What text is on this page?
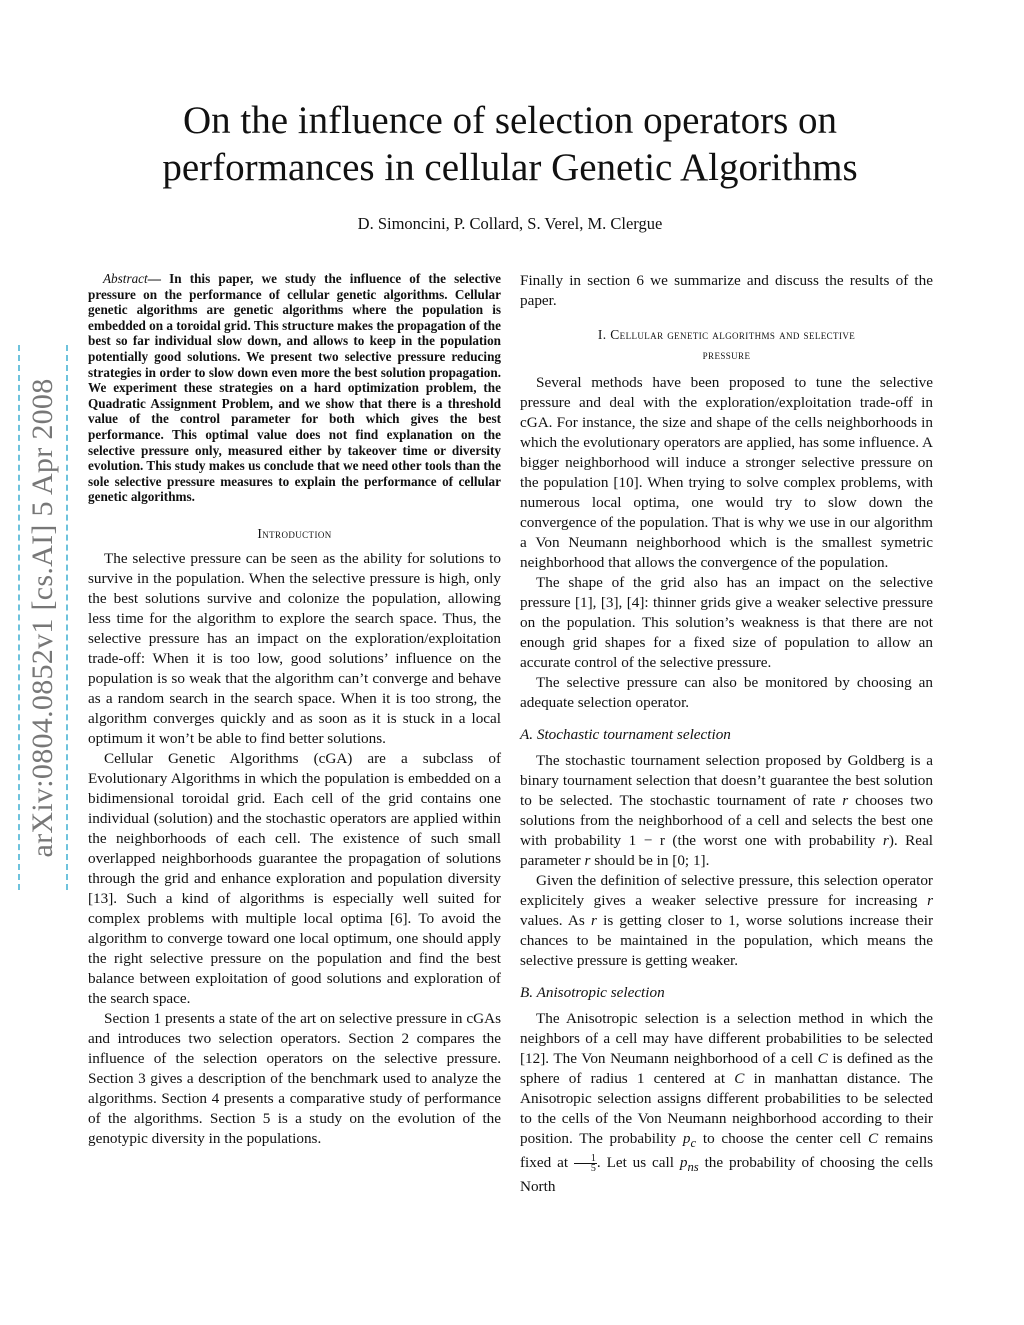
arXiv:0804.0852v1 [cs.AI] 5 Apr 2008
On the influence of selection operators on
performances in cellular Genetic Algorithms
D. Simoncini, P. Collard, S. Verel, M. Clergue

Abstract— In this paper, we study the influence of the selective pressure on the performance of cellular genetic algorithms. Cellular genetic algorithms are genetic algorithms where the population is embedded on a toroidal grid. This structure makes the propagation of the best so far individual slow down, and allows to keep in the population potentially good solutions. We present two selective pressure reducing strategies in order to slow down even more the best solution propagation. We experiment these strategies on a hard optimization problem, the Quadratic Assignment Problem, and we show that there is a threshold value of the control parameter for both which gives the best performance. This optimal value does not find explanation on the selective pressure only, measured either by takeover time or diversity evolution. This study makes us conclude that we need other tools than the sole selective pressure measures to explain the performance of cellular genetic algorithms.

Introduction

The selective pressure can be seen as the ability for solutions to survive in the population. When the selective pressure is high, only the best solutions survive and colonize the population, allowing less time for the algorithm to explore the search space. Thus, the selective pressure has an impact on the exploration/exploitation trade-off: When it is too low, good solutions’ influence on the population is so weak that the algorithm can’t converge and behave as a random search in the search space. When it is too strong, the algorithm converges quickly and as soon as it is stuck in a local optimum it won’t be able to find better solutions.

Cellular Genetic Algorithms (cGA) are a subclass of Evolutionary Algorithms in which the population is embedded on a bidimensional toroidal grid. Each cell of the grid contains one individual (solution) and the stochastic operators are applied within the neighborhoods of each cell. The existence of such small overlapped neighborhoods guarantee the propagation of solutions through the grid and enhance exploration and population diversity [13]. Such a kind of algorithms is especially well suited for complex problems with multiple local optima [6]. To avoid the algorithm to converge toward one local optimum, one should apply the right selective pressure on the population and find the best balance between exploitation of good solutions and exploration of the search space.

Section 1 presents a state of the art on selective pressure in cGAs and introduces two selection operators. Section 2 compares the influence of the selection operators on the selective pressure. Section 3 gives a description of the benchmark used to analyze the algorithms. Section 4 presents a comparative study of performance of the algorithms. Section 5 is a study on the evolution of the genotypic diversity in the populations.

Finally in section 6 we summarize and discuss the results of the paper.

I. Cellular genetic algorithms and selective
pressure

Several methods have been proposed to tune the selective pressure and deal with the exploration/exploitation trade-off in cGA. For instance, the size and shape of the cells neighborhoods in which the evolutionary operators are applied, has some influence. A bigger neighborhood will induce a stronger selective pressure on the population [10]. When trying to solve complex problems, with numerous local optima, one would try to slow down the convergence of the population. That is why we use in our algorithm a Von Neumann neighborhood which is the smallest symetric neighborhood that allows the convergence of the population.

The shape of the grid also has an impact on the selective pressure [1], [3], [4]: thinner grids give a weaker selective pressure on the population. This solution’s weakness is that there are not enough grid shapes for a fixed size of population to allow an accurate control of the selective pressure.

The selective pressure can also be monitored by choosing an adequate selection operator.

A. Stochastic tournament selection

The stochastic tournament selection proposed by Goldberg is a binary tournament selection that doesn’t guarantee the best solution to be selected. The stochastic tournament of rate r chooses two solutions from the neighborhood of a cell and selects the best one with probability 1 − r (the worst one with probability r). Real parameter r should be in [0; 1].

Given the definition of selective pressure, this selection operator explicitely gives a weaker selective pressure for increasing r values. As r is getting closer to 1, worse solutions increase their chances to be maintained in the population, which means the selective pressure is getting weaker.

B. Anisotropic selection

The Anisotropic selection is a selection method in which the neighbors of a cell may have different probabilities to be selected [12]. The Von Neumann neighborhood of a cell C is defined as the sphere of radius 1 centered at C in manhattan distance. The Anisotropic selection assigns different probabilities to be selected to the cells of the Von Neumann neighborhood according to their position. The probability $p_c$ to choose the center cell C remains fixed at $\frac{1}{5}$ . Let us call $p_{ns}$ the probability of choosing the cells North
